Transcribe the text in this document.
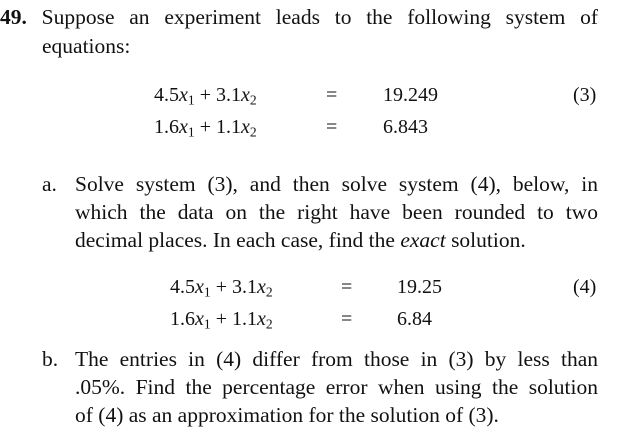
49. Suppose an experiment leads to the following system of
equations:
$4.5x_1 + 3.1x_2$	= 19.249	(3)
$1.6x_1 + 1.1x_2$	= 6.843
a. Solve system (3), and then solve system (4), below, in
which the data on the right have been rounded to two
decimal places. In each case, find the exact solution.
$4.5x_1 + 3.1x_2$	= 19.25	(4)
$1.6x_1 + 1.1x_2$	= 6.84
b. The entries in (4) differ from those in (3) by less than
.05%. Find the percentage error when using the solution
of (4) as an approximation for the solution of (3).
